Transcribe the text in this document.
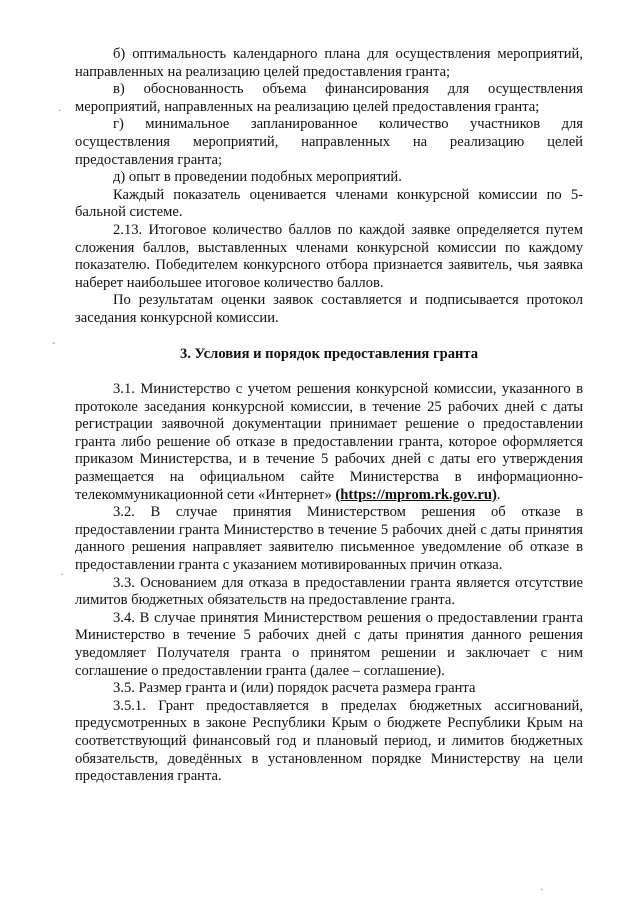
б) оптимальность календарного плана для осуществления мероприятий, направленных на реализацию целей предоставления гранта;

в) обоснованность объема финансирования для осуществления мероприятий, направленных на реализацию целей предоставления гранта;

г) минимальное запланированное количество участников для осуществления мероприятий, направленных на реализацию целей предоставления гранта;

д) опыт в проведении подобных мероприятий.

Каждый показатель оценивается членами конкурсной комиссии по 5-бальной системе.

2.13. Итоговое количество баллов по каждой заявке определяется путем сложения баллов, выставленных членами конкурсной комиссии по каждому показателю. Победителем конкурсного отбора признается заявитель, чья заявка наберет наибольшее итоговое количество баллов.

По результатам оценки заявок составляется и подписывается протокол заседания конкурсной комиссии.

3. Условия и порядок предоставления гранта

3.1. Министерство с учетом решения конкурсной комиссии, указанного в протоколе заседания конкурсной комиссии, в течение 25 рабочих дней с даты регистрации заявочной документации принимает решение о предоставлении гранта либо решение об отказе в предоставлении гранта, которое оформляется приказом Министерства, и в течение 5 рабочих дней с даты его утверждения размещается на официальном сайте Министерства в информационно-телекоммуникационной сети «Интернет» (https://mprom.rk.gov.ru).

3.2. В случае принятия Министерством решения об отказе в предоставлении гранта Министерство в течение 5 рабочих дней с даты принятия данного решения направляет заявителю письменное уведомление об отказе в предоставлении гранта с указанием мотивированных причин отказа.

3.3. Основанием для отказа в предоставлении гранта является отсутствие лимитов бюджетных обязательств на предоставление гранта.

3.4. В случае принятия Министерством решения о предоставлении гранта Министерство в течение 5 рабочих дней с даты принятия данного решения уведомляет Получателя гранта о принятом решении и заключает с ним соглашение о предоставлении гранта (далее – соглашение).

3.5. Размер гранта и (или) порядок расчета размера гранта

3.5.1. Грант предоставляется в пределах бюджетных ассигнований, предусмотренных в законе Республики Крым о бюджете Республики Крым на соответствующий финансовый год и плановый период, и лимитов бюджетных обязательств, доведённых в установленном порядке Министерству на цели предоставления гранта.

·
-
·
·
